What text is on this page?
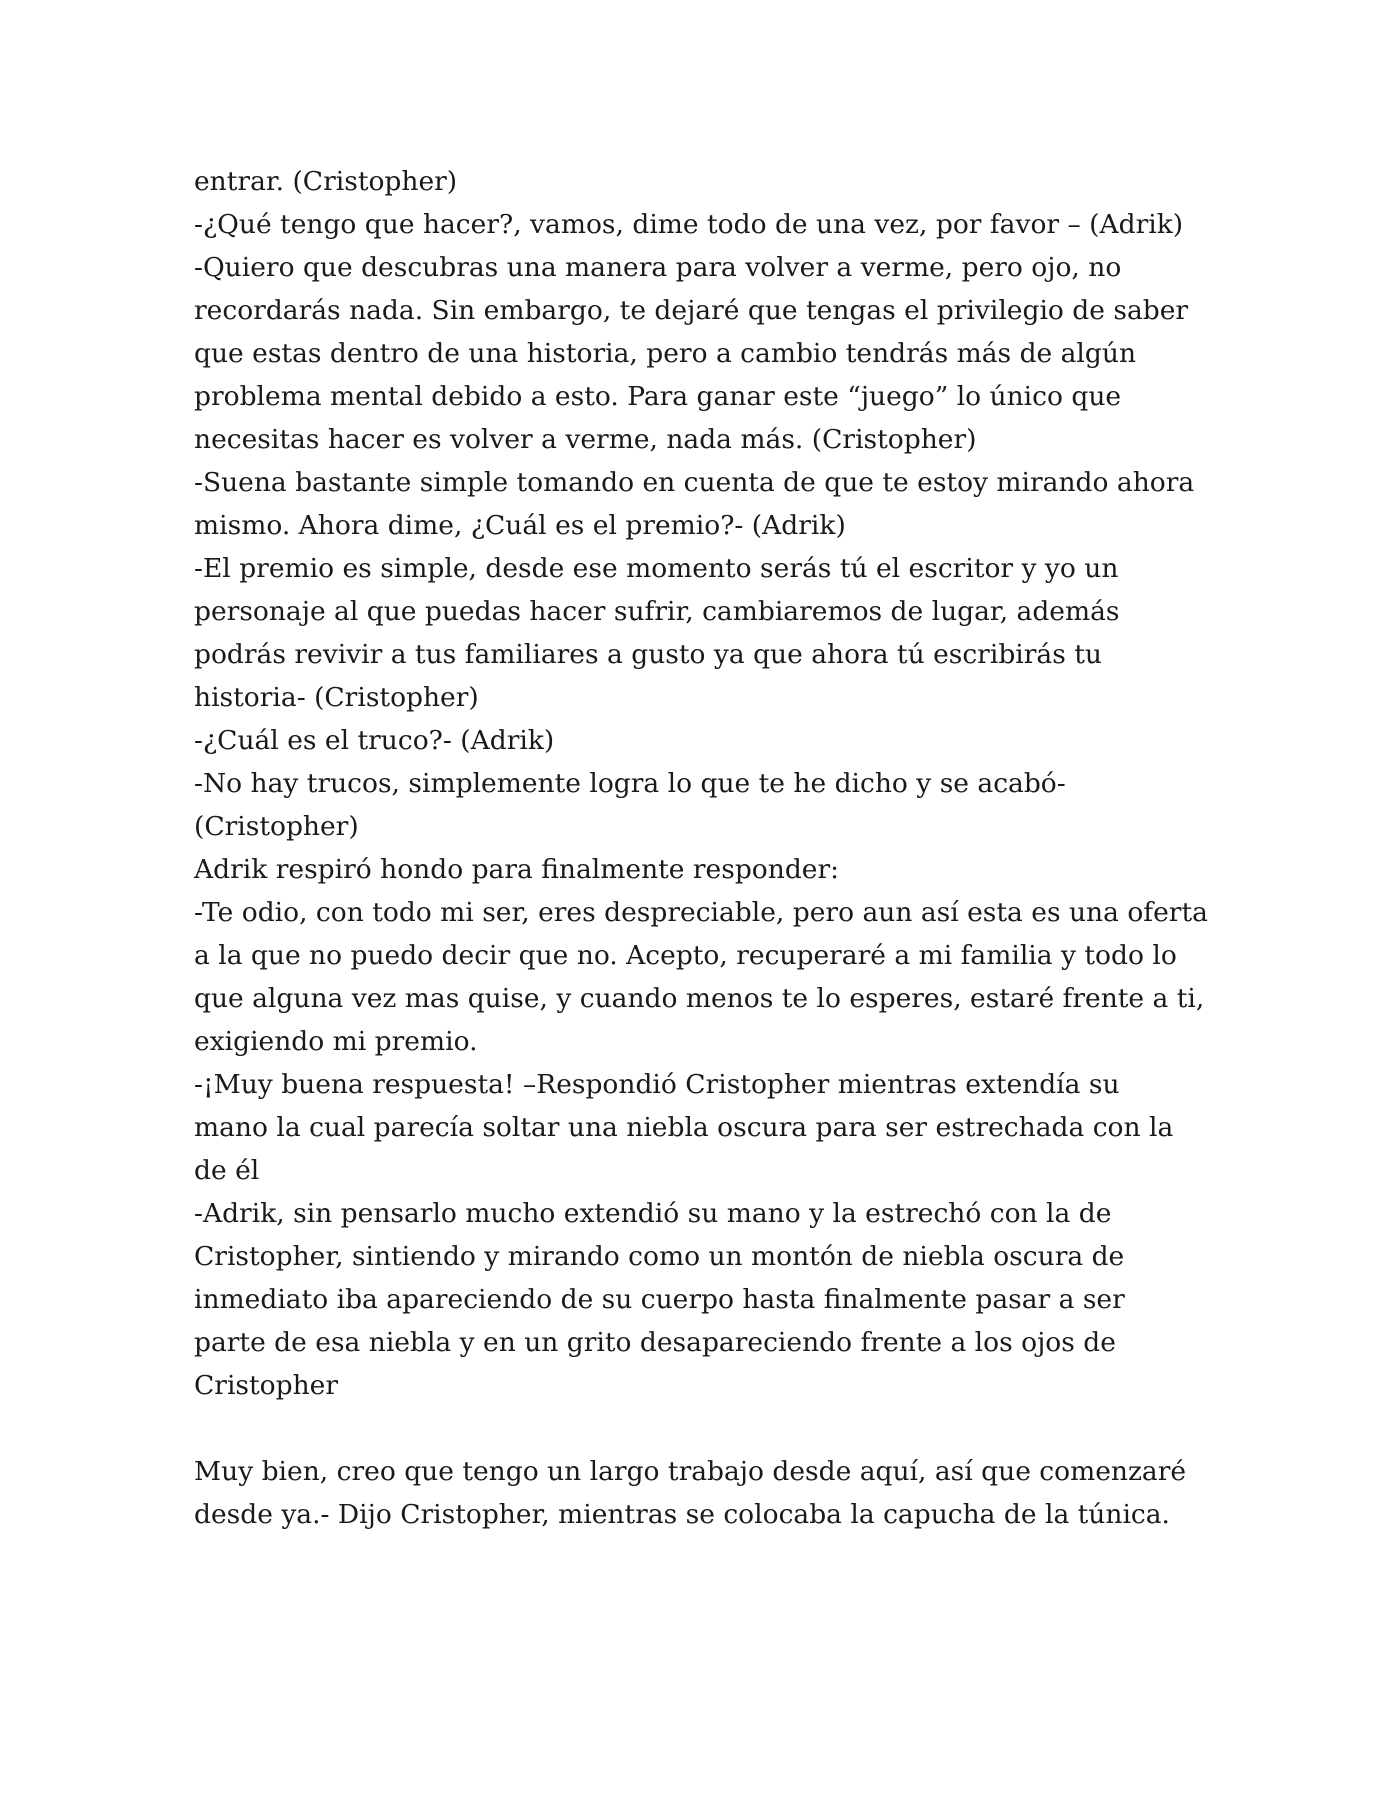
entrar. (Cristopher)
-¿Qué tengo que hacer?, vamos, dime todo de una vez, por favor – (Adrik)
-Quiero que descubras una manera para volver a verme, pero ojo, no
recordarás nada. Sin embargo, te dejaré que tengas el privilegio de saber
que estas dentro de una historia, pero a cambio tendrás más de algún
problema mental debido a esto. Para ganar este “juego” lo único que
necesitas hacer es volver a verme, nada más. (Cristopher)
-Suena bastante simple tomando en cuenta de que te estoy mirando ahora
mismo. Ahora dime, ¿Cuál es el premio?- (Adrik)
-El premio es simple, desde ese momento serás tú el escritor y yo un
personaje al que puedas hacer sufrir, cambiaremos de lugar, además
podrás revivir a tus familiares a gusto ya que ahora tú escribirás tu
historia- (Cristopher)
-¿Cuál es el truco?- (Adrik)
-No hay trucos, simplemente logra lo que te he dicho y se acabó-
(Cristopher)
Adrik respiró hondo para finalmente responder:
-Te odio, con todo mi ser, eres despreciable, pero aun así esta es una oferta
a la que no puedo decir que no. Acepto, recuperaré a mi familia y todo lo
que alguna vez mas quise, y cuando menos te lo esperes, estaré frente a ti,
exigiendo mi premio.
-¡Muy buena respuesta! –Respondió Cristopher mientras extendía su
mano la cual parecía soltar una niebla oscura para ser estrechada con la
de él
-Adrik, sin pensarlo mucho extendió su mano y la estrechó con la de
Cristopher, sintiendo y mirando como un montón de niebla oscura de
inmediato iba apareciendo de su cuerpo hasta finalmente pasar a ser
parte de esa niebla y en un grito desapareciendo frente a los ojos de
Cristopher
Muy bien, creo que tengo un largo trabajo desde aquí, así que comenzaré
desde ya.- Dijo Cristopher, mientras se colocaba la capucha de la túnica.
